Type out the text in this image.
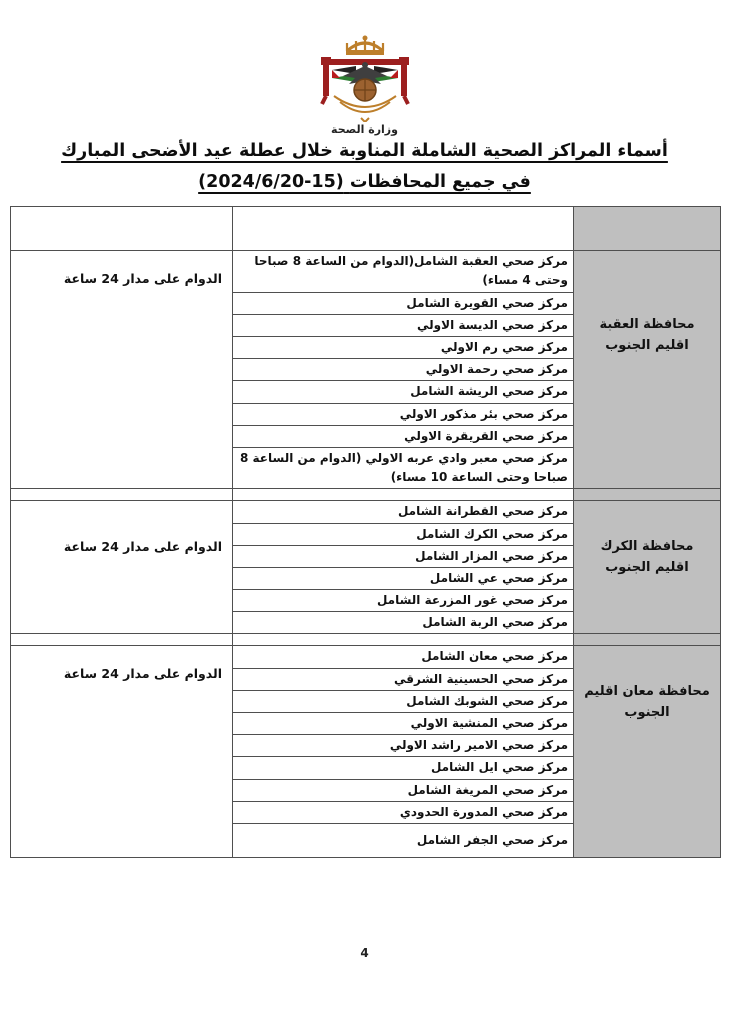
وزارة الصحة
أسماء المراكز الصحية الشاملة المناوبة خلال عطلة عيد الأضحى المبارك
في جميع المحافظات (2024/6/20-15)

محافظة العقبة اقليم الجنوب	مركز صحي العقبة الشامل(الدوام من الساعة 8 صباحا وحتى 4 مساء)	الدوام على مدار 24 ساعة
	مركز صحي القويرة الشامل	
	مركز صحي الديسة الاولي	
	مركز صحي رم الاولي	
	مركز صحي رحمة الاولي	
	مركز صحي الريشة الشامل	
	مركز صحي بئر مذكور الاولي	
	مركز صحي القريقرة الاولي	
	مركز صحي معبر وادي عربه الاولي (الدوام من الساعة 8 صباحا وحتى الساعة 10 مساء)	

محافظة الكرك اقليم الجنوب	مركز صحي القطرانة الشامل	الدوام على مدار 24 ساعة
	مركز صحي الكرك الشامل	
	مركز صحي المزار الشامل	
	مركز صحي عي الشامل	
	مركز صحي غور المزرعة الشامل	
	مركز صحي الربة الشامل	

محافظة معان اقليم الجنوب	مركز صحي معان الشامل	الدوام على مدار 24 ساعة
	مركز صحي الحسينية الشرقي	
	مركز صحي الشوبك الشامل	
	مركز صحي المنشية الاولي	
	مركز صحي الامير راشد الاولي	
	مركز صحي ايل الشامل	
	مركز صحي المريغة الشامل	
	مركز صحي المدورة الحدودي	
	مركز صحي الجفر الشامل	
4
